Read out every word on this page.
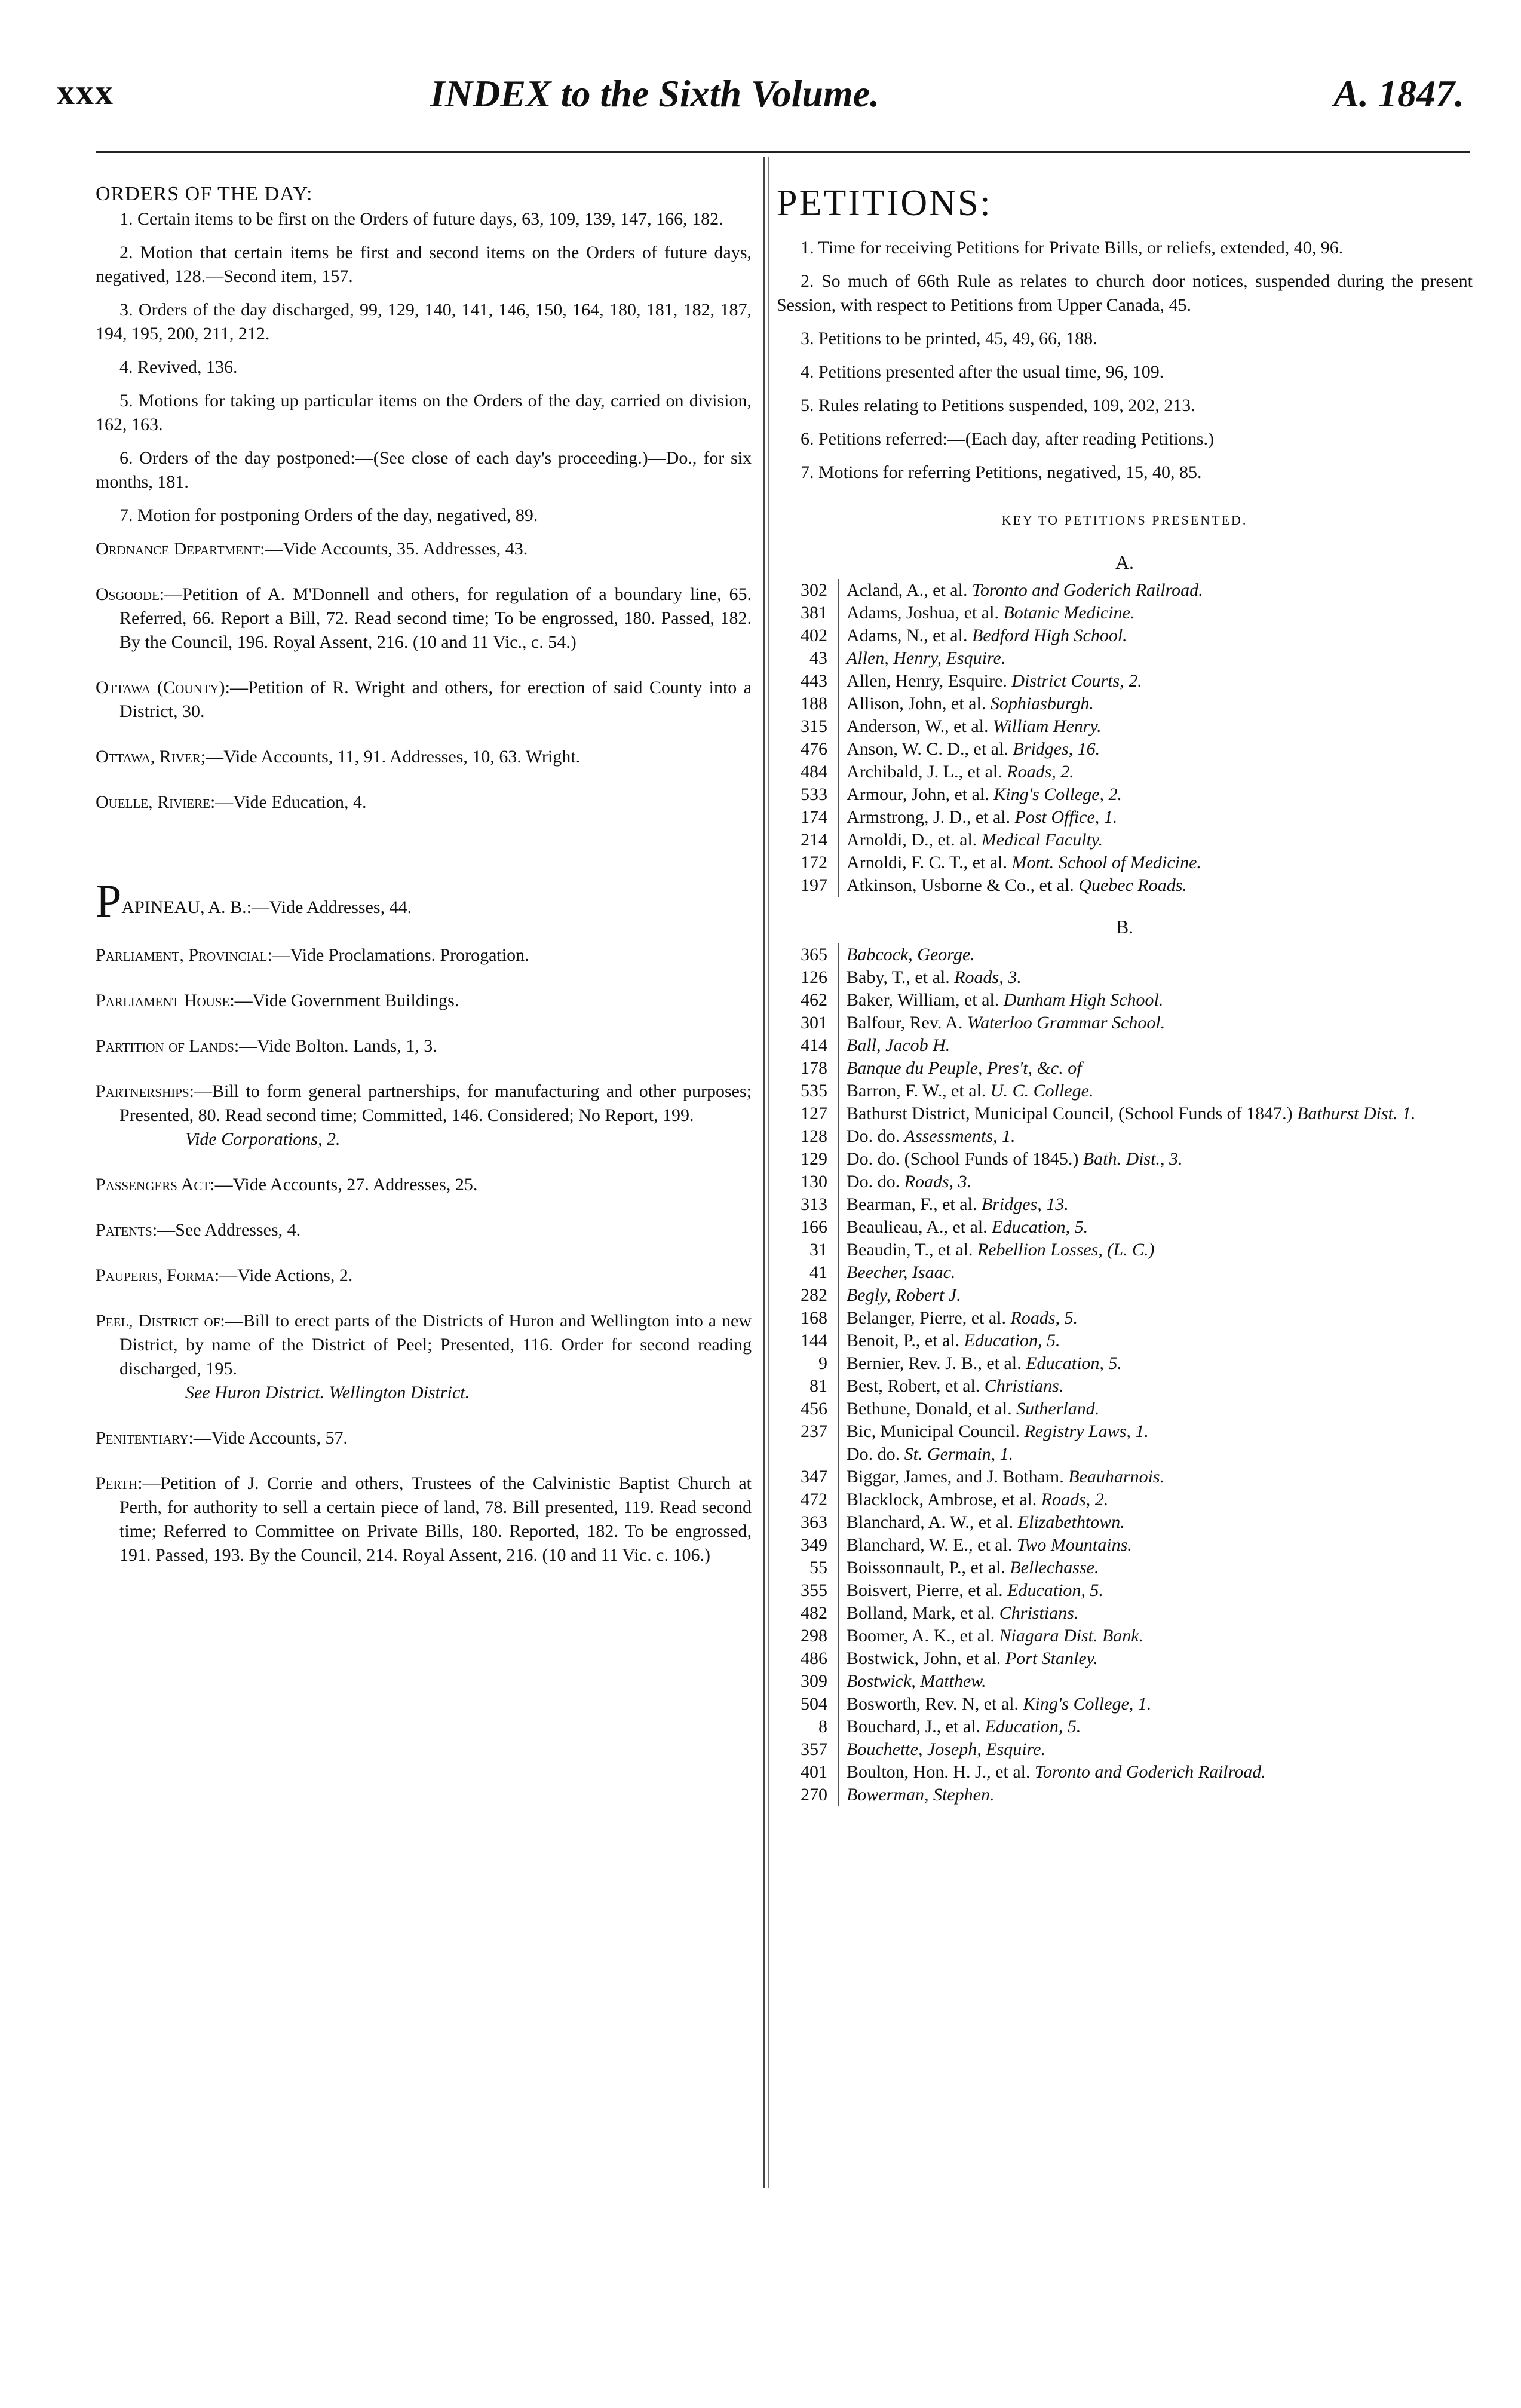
xxx	INDEX to the Sixth Volume.	A. 1847.
ORDERS OF THE DAY:

1. Certain items to be first on the Orders of future days, 63, 109, 139, 147, 166, 182.

2. Motion that certain items be first and second items on the Orders of future days, negatived, 128.—Second item, 157.

3. Orders of the day discharged, 99, 129, 140, 141, 146, 150, 164, 180, 181, 182, 187, 194, 195, 200, 211, 212.

4. Revived, 136.

5. Motions for taking up particular items on the Orders of the day, carried on division, 162, 163.

6. Orders of the day postponed:—(See close of each day's proceeding.)—Do., for six months, 181.

7. Motion for postponing Orders of the day, negatived, 89.

Ordnance Department:—Vide Accounts, 35. Addresses, 43.

Osgoode:—Petition of A. M'Donnell and others, for regulation of a boundary line, 65. Referred, 66. Report a Bill, 72. Read second time; To be engrossed, 180. Passed, 182. By the Council, 196. Royal Assent, 216. (10 and 11 Vic., c. 54.)

Ottawa (County):—Petition of R. Wright and others, for erection of said County into a District, 30.

Ottawa, River;—Vide Accounts, 11, 91. Addresses, 10, 63. Wright.

Ouelle, Riviere:—Vide Education, 4.

PAPINEAU, A. B.:—Vide Addresses, 44.

Parliament, Provincial:—Vide Proclamations. Prorogation.

Parliament House:—Vide Government Buildings.

Partition of Lands:—Vide Bolton. Lands, 1, 3.

Partnerships:—Bill to form general partnerships, for manufacturing and other purposes; Presented, 80. Read second time; Committed, 146. Considered; No Report, 199.

Vide Corporations, 2.

Passengers Act:—Vide Accounts, 27. Addresses, 25.

Patents:—See Addresses, 4.

Pauperis, Forma:—Vide Actions, 2.

Peel, District of:—Bill to erect parts of the Districts of Huron and Wellington into a new District, by name of the District of Peel; Presented, 116. Order for second reading discharged, 195.

See Huron District. Wellington District.

Penitentiary:—Vide Accounts, 57.

Perth:—Petition of J. Corrie and others, Trustees of the Calvinistic Baptist Church at Perth, for authority to sell a certain piece of land, 78. Bill presented, 119. Read second time; Referred to Committee on Private Bills, 180. Reported, 182. To be engrossed, 191. Passed, 193. By the Council, 214. Royal Assent, 216. (10 and 11 Vic. c. 106.)

PETITIONS:

1. Time for receiving Petitions for Private Bills, or reliefs, extended, 40, 96.

2. So much of 66th Rule as relates to church door notices, suspended during the present Session, with respect to Petitions from Upper Canada, 45.

3. Petitions to be printed, 45, 49, 66, 188.

4. Petitions presented after the usual time, 96, 109.

5. Rules relating to Petitions suspended, 109, 202, 213.

6. Petitions referred:—(Each day, after reading Petitions.)

7. Motions for referring Petitions, negatived, 15, 40, 85.

KEY TO PETITIONS PRESENTED.
A.
302	Acland, A., et al. Toronto and Goderich Railroad.
381	Adams, Joshua, et al. Botanic Medicine.
402	Adams, N., et al. Bedford High School.
43	Allen, Henry, Esquire.
443	Allen, Henry, Esquire. District Courts, 2.
188	Allison, John, et al. Sophiasburgh.
315	Anderson, W., et al. William Henry.
476	Anson, W. C. D., et al. Bridges, 16.
484	Archibald, J. L., et al. Roads, 2.
533	Armour, John, et al. King's College, 2.
174	Armstrong, J. D., et al. Post Office, 1.
214	Arnoldi, D., et. al. Medical Faculty.
172	Arnoldi, F. C. T., et al. Mont. School of Medicine.
197	Atkinson, Usborne & Co., et al. Quebec Roads.
B.
365	Babcock, George.
126	Baby, T., et al. Roads, 3.
462	Baker, William, et al. Dunham High School.
301	Balfour, Rev. A. Waterloo Grammar School.
414	Ball, Jacob H.
178	Banque du Peuple, Pres't, &c. of
535	Barron, F. W., et al. U. C. College.
127	Bathurst District, Municipal Council, (School Funds of 1847.) Bathurst Dist. 1.
128	Do. do. Assessments, 1.
129	Do. do. (School Funds of 1845.) Bath. Dist., 3.
130	Do. do. Roads, 3.
313	Bearman, F., et al. Bridges, 13.
166	Beaulieau, A., et al. Education, 5.
31	Beaudin, T., et al. Rebellion Losses, (L. C.)
41	Beecher, Isaac.
282	Begly, Robert J.
168	Belanger, Pierre, et al. Roads, 5.
144	Benoit, P., et al. Education, 5.
9	Bernier, Rev. J. B., et al. Education, 5.
81	Best, Robert, et al. Christians.
456	Bethune, Donald, et al. Sutherland.
237	Bic, Municipal Council. Registry Laws, 1.
Do. do. St. Germain, 1.
347	Biggar, James, and J. Botham. Beauharnois.
472	Blacklock, Ambrose, et al. Roads, 2.
363	Blanchard, A. W., et al. Elizabethtown.
349	Blanchard, W. E., et al. Two Mountains.
55	Boissonnault, P., et al. Bellechasse.
355	Boisvert, Pierre, et al. Education, 5.
482	Bolland, Mark, et al. Christians.
298	Boomer, A. K., et al. Niagara Dist. Bank.
486	Bostwick, John, et al. Port Stanley.
309	Bostwick, Matthew.
504	Bosworth, Rev. N, et al. King's College, 1.
8	Bouchard, J., et al. Education, 5.
357	Bouchette, Joseph, Esquire.
401	Boulton, Hon. H. J., et al. Toronto and Goderich Railroad.
270	Bowerman, Stephen.
